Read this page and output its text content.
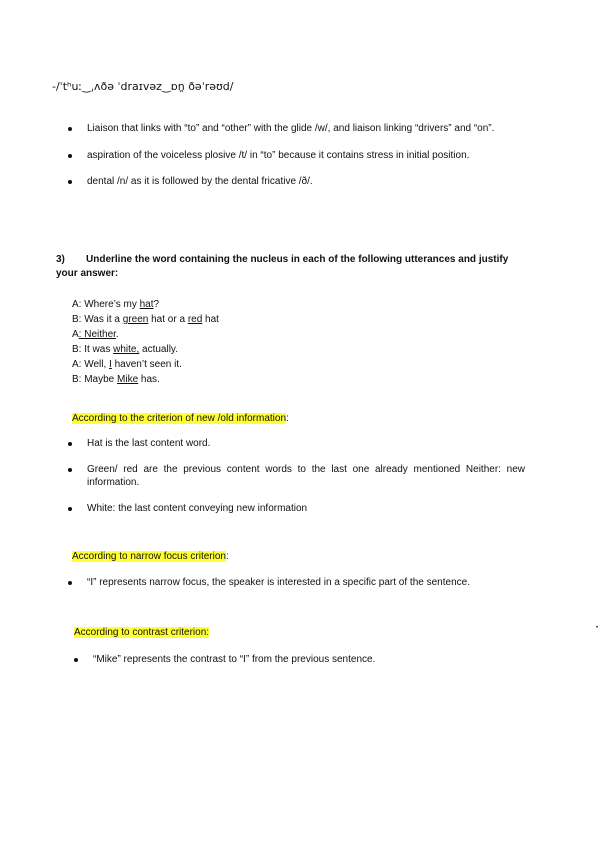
-/ˈtʰuː‿ˌʌðə ˈdraɪvəz‿ɒn̪ ðəˈrəʊd/
Liaison that links with “to” and “other” with the glide /w/, and liaison linking “drivers” and “on”.
aspiration of the voiceless plosive /t/ in “to” because it contains stress in initial position.
dental /n/ as it is followed by the dental fricative /ð/.
3) Underline the word containing the nucleus in each of the following utterances and justify your answer:
A: Where’s my hat?
B: Was it a green hat or a red hat
A: Neither.
B: It was white, actually.
A: Well, I haven’t seen it.
B: Maybe Mike has.
According to the criterion of new /old information:
Hat is the last content word.
Green/ red are the previous content words to the last one already mentioned Neither: new information.
White: the last content conveying new information
According to narrow focus criterion:
“I” represents narrow focus, the speaker is interested in a specific part of the sentence.
According to contrast criterion:
“Mike” represents the contrast to “I” from the previous sentence.
•
